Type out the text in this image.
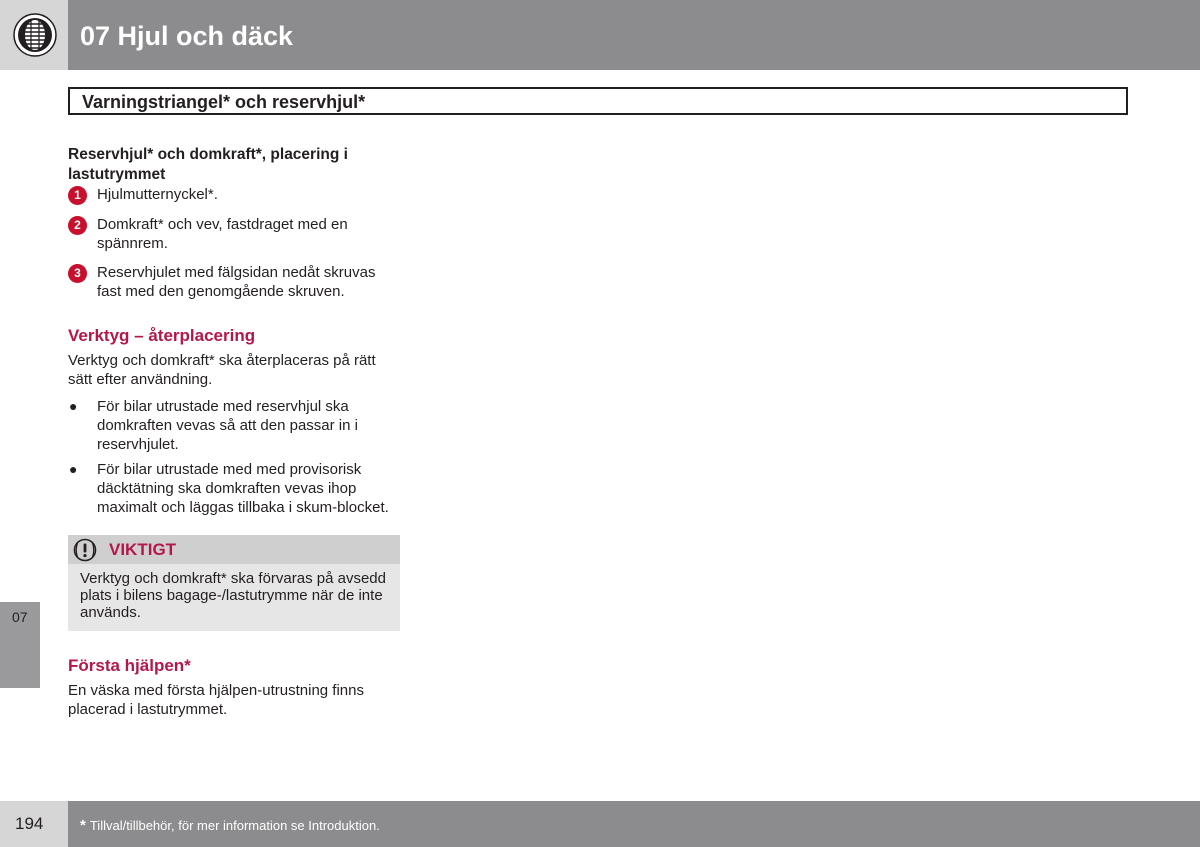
07 Hjul och däck
Varningstriangel* och reservhjul*
Reservhjul* och domkraft*, placering i lastutrymmet
1	Hjulmutternyckel*.
2	Domkraft* och vev, fastdraget med en spännrem.
3	Reservhjulet med fälgsidan nedåt skruvas fast med den genomgående skruven.
Verktyg – återplacering

Verktyg och domkraft* ska återplaceras på rätt sätt efter användning.

●	För bilar utrustade med reservhjul ska domkraften vevas så att den passar in i reservhjulet.
●	För bilar utrustade med med provisorisk däcktätning ska domkraften vevas ihop maximalt och läggas tillbaka i skum-blocket.
VIKTIGT

Verktyg och domkraft* ska förvaras på avsedd plats i bilens bagage-/lastutrymme när de inte används.

Första hjälpen*

En väska med första hjälpen-utrustning finns placerad i lastutrymmet.

07
194 * Tillval/tillbehör, för mer information se Introduktion.
